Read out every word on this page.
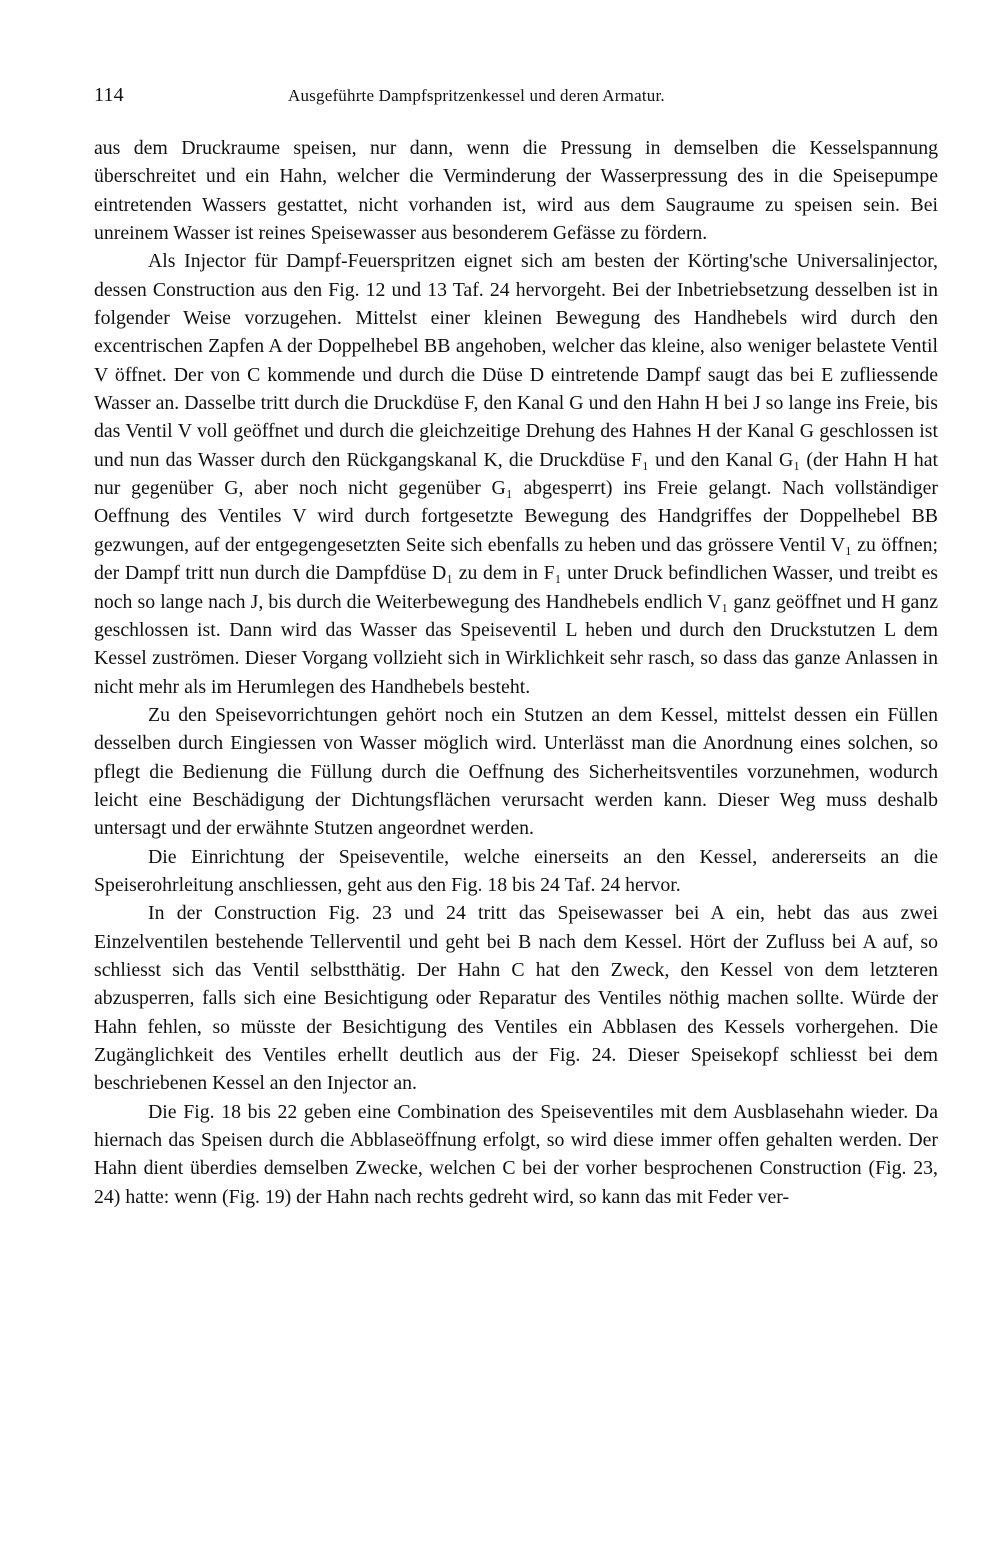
114	Ausgeführte Dampfspritzenkessel und deren Armatur.

aus dem Druckraume speisen, nur dann, wenn die Pressung in demselben die Kesselspannung überschreitet und ein Hahn, welcher die Verminderung der Wasserpressung des in die Speisepumpe eintretenden Wassers gestattet, nicht vorhanden ist, wird aus dem Saugraume zu speisen sein. Bei unreinem Wasser ist reines Speisewasser aus besonderem Gefässe zu fördern.

Als Injector für Dampf-Feuerspritzen eignet sich am besten der Körting'sche Universalinjector, dessen Construction aus den Fig. 12 und 13 Taf. 24 hervorgeht. Bei der Inbetriebsetzung desselben ist in folgender Weise vorzugehen. Mittelst einer kleinen Bewegung des Handhebels wird durch den excentrischen Zapfen A der Doppelhebel BB angehoben, welcher das kleine, also weniger belastete Ventil V öffnet. Der von C kommende und durch die Düse D eintretende Dampf saugt das bei E zufliessende Wasser an. Dasselbe tritt durch die Druckdüse F, den Kanal G und den Hahn H bei J so lange ins Freie, bis das Ventil V voll geöffnet und durch die gleichzeitige Drehung des Hahnes H der Kanal G geschlossen ist und nun das Wasser durch den Rückgangskanal K, die Druckdüse F₁ und den Kanal G₁ (der Hahn H hat nur gegenüber G, aber noch nicht gegenüber G₁ abgesperrt) ins Freie gelangt. Nach vollständiger Oeffnung des Ventiles V wird durch fortgesetzte Bewegung des Handgriffes der Doppelhebel BB gezwungen, auf der entgegengesetzten Seite sich ebenfalls zu heben und das grössere Ventil V₁ zu öffnen; der Dampf tritt nun durch die Dampfdüse D₁ zu dem in F₁ unter Druck befindlichen Wasser, und treibt es noch so lange nach J, bis durch die Weiterbewegung des Handhebels endlich V₁ ganz geöffnet und H ganz geschlossen ist. Dann wird das Wasser das Speiseventil L heben und durch den Druckstutzen L dem Kessel zuströmen. Dieser Vorgang vollzieht sich in Wirklichkeit sehr rasch, so dass das ganze Anlassen in nicht mehr als im Herumlegen des Handhebels besteht.

Zu den Speisevorrichtungen gehört noch ein Stutzen an dem Kessel, mittelst dessen ein Füllen desselben durch Eingiessen von Wasser möglich wird. Unterlässt man die Anordnung eines solchen, so pflegt die Bedienung die Füllung durch die Oeffnung des Sicherheitsventiles vorzunehmen, wodurch leicht eine Beschädigung der Dichtungsflächen verursacht werden kann. Dieser Weg muss deshalb untersagt und der erwähnte Stutzen angeordnet werden.

Die Einrichtung der Speiseventile, welche einerseits an den Kessel, andererseits an die Speiserohrleitung anschliessen, geht aus den Fig. 18 bis 24 Taf. 24 hervor.

In der Construction Fig. 23 und 24 tritt das Speisewasser bei A ein, hebt das aus zwei Einzelventilen bestehende Tellerventil und geht bei B nach dem Kessel. Hört der Zufluss bei A auf, so schliesst sich das Ventil selbstthätig. Der Hahn C hat den Zweck, den Kessel von dem letzteren abzusperren, falls sich eine Besichtigung oder Reparatur des Ventiles nöthig machen sollte. Würde der Hahn fehlen, so müsste der Besichtigung des Ventiles ein Abblasen des Kessels vorhergehen. Die Zugänglichkeit des Ventiles erhellt deutlich aus der Fig. 24. Dieser Speisekopf schliesst bei dem beschriebenen Kessel an den Injector an.

Die Fig. 18 bis 22 geben eine Combination des Speiseventiles mit dem Ausblasehahn wieder. Da hiernach das Speisen durch die Abblaseöffnung erfolgt, so wird diese immer offen gehalten werden. Der Hahn dient überdies demselben Zwecke, welchen C bei der vorher besprochenen Construction (Fig. 23, 24) hatte: wenn (Fig. 19) der Hahn nach rechts gedreht wird, so kann das mit Feder ver-
